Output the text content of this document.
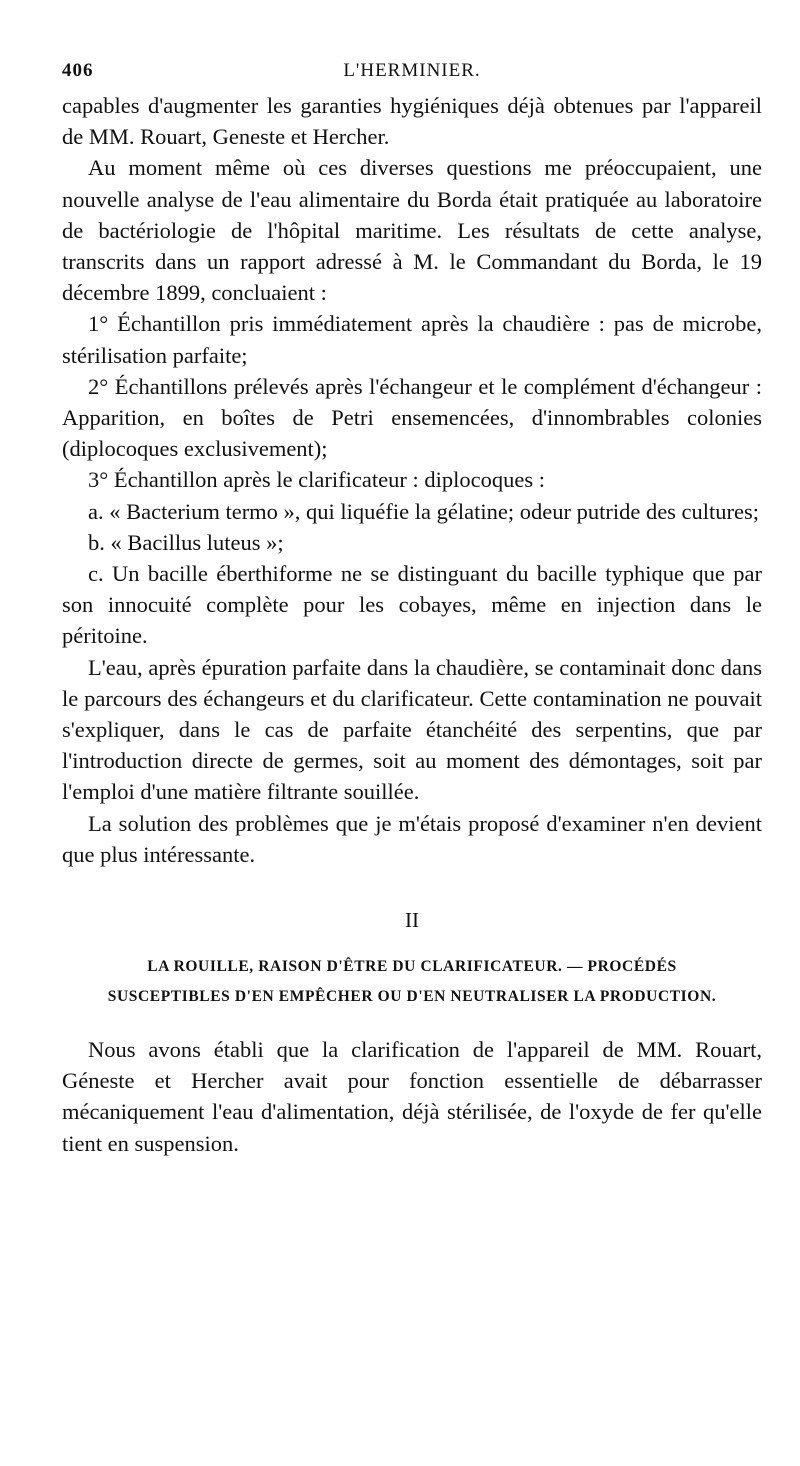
406	L'HERMINIER.

capables d'augmenter les garanties hygiéniques déjà obtenues par l'appareil de MM. Rouart, Geneste et Hercher.

Au moment même où ces diverses questions me préoccupaient, une nouvelle analyse de l'eau alimentaire du Borda était pratiquée au laboratoire de bactériologie de l'hôpital maritime. Les résultats de cette analyse, transcrits dans un rapport adressé à M. le Commandant du Borda, le 19 décembre 1899, concluaient :

1° Échantillon pris immédiatement après la chaudière : pas de microbe, stérilisation parfaite;

2° Échantillons prélevés après l'échangeur et le complément d'échangeur : Apparition, en boîtes de Petri ensemencées, d'innombrables colonies (diplocoques exclusivement);

3° Échantillon après le clarificateur : diplocoques :

a. « Bacterium termo », qui liquéfie la gélatine; odeur putride des cultures;

b. « Bacillus luteus »;

c. Un bacille éberthiforme ne se distinguant du bacille typhique que par son innocuité complète pour les cobayes, même en injection dans le péritoine.

L'eau, après épuration parfaite dans la chaudière, se contaminait donc dans le parcours des échangeurs et du clarificateur. Cette contamination ne pouvait s'expliquer, dans le cas de parfaite étanchéité des serpentins, que par l'introduction directe de germes, soit au moment des démontages, soit par l'emploi d'une matière filtrante souillée.

La solution des problèmes que je m'étais proposé d'examiner n'en devient que plus intéressante.

II
LA ROUILLE, RAISON D'ÊTRE DU CLARIFICATEUR. — PROCÉDÉS
SUSCEPTIBLES D'EN EMPÊCHER OU D'EN NEUTRALISER LA PRODUCTION.

Nous avons établi que la clarification de l'appareil de MM. Rouart, Géneste et Hercher avait pour fonction essentielle de débarrasser mécaniquement l'eau d'alimentation, déjà stérilisée, de l'oxyde de fer qu'elle tient en suspension.
